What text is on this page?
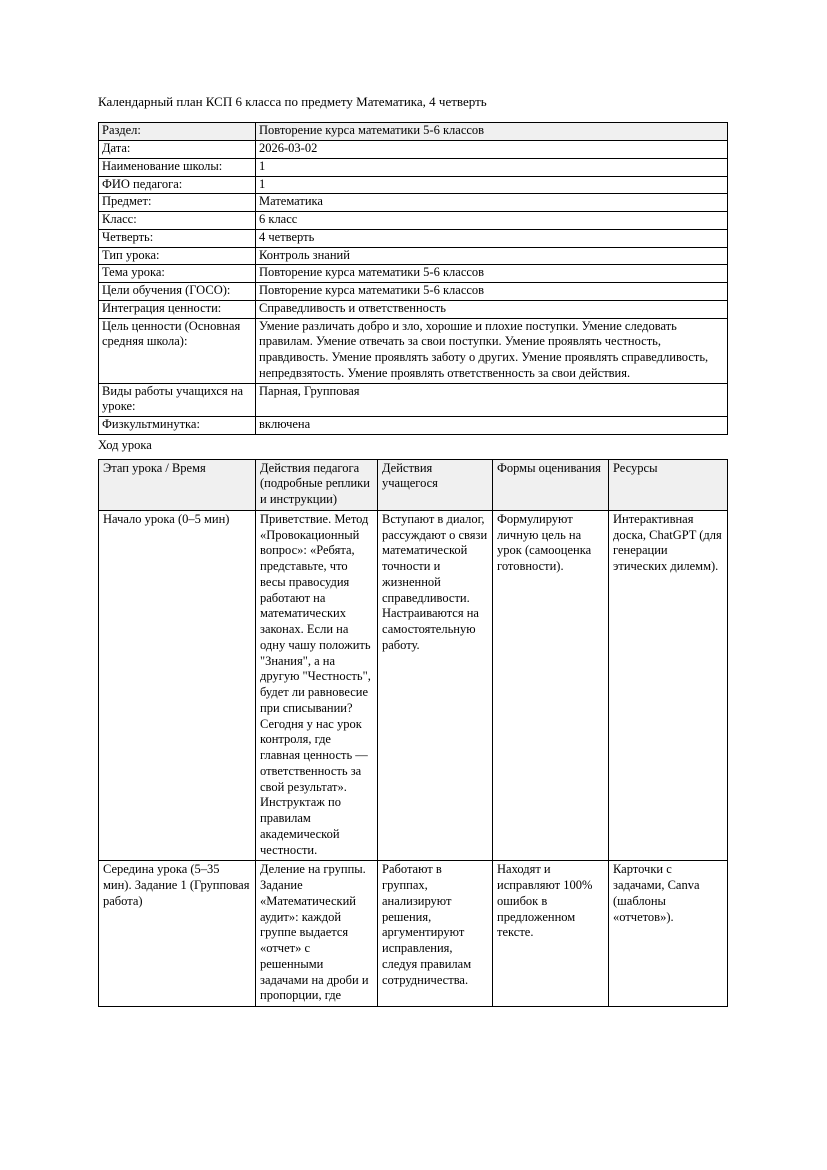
Календарный план КСП 6 класса по предмету Математика, 4 четверть

Раздел:	Повторение курса математики 5-6 классов
Дата:	2026-03-02
Наименование школы:	1
ФИО педагога:	1
Предмет:	Математика
Класс:	6 класс
Четверть:	4 четверть
Тип урока:	Контроль знаний
Тема урока:	Повторение курса математики 5-6 классов
Цели обучения (ГОСО):	Повторение курса математики 5-6 классов
Интеграция ценности:	Справедливость и ответственность
Цель ценности (Основная средняя школа):	Умение различать добро и зло, хорошие и плохие поступки. Умение следовать правилам. Умение отвечать за свои поступки. Умение проявлять честность, правдивость. Умение проявлять заботу о других. Умение проявлять справедливость, непредвзятость. Умение проявлять ответственность за свои действия.
Виды работы учащихся на уроке:	Парная, Групповая
Физкультминутка:	включена

Ход урока

Этап урока / Время	Действия педагога (подробные реплики и инструкции)	Действия учащегося	Формы оценивания	Ресурсы
Начало урока (0–5 мин)	Приветствие. Метод «Провокационный вопрос»: «Ребята, представьте, что весы правосудия работают на математических законах. Если на одну чашу положить "Знания", а на другую "Честность", будет ли равновесие при списывании? Сегодня у нас урок контроля, где главная ценность — ответственность за свой результат». Инструктаж по правилам академической честности.	Вступают в диалог, рассуждают о связи математической точности и жизненной справедливости. Настраиваются на самостоятельную работу.	Формулируют личную цель на урок (самооценка готовности).	Интерактивная доска, ChatGPT (для генерации этических дилемм).
Середина урока (5–35 мин). Задание 1 (Групповая работа)	Деление на группы. Задание «Математический аудит»: каждой группе выдается «отчет» с решенными задачами на дроби и пропорции, где	Работают в группах, анализируют решения, аргументируют исправления, следуя правилам сотрудничества.	Находят и исправляют 100% ошибок в предложенном тексте.	Карточки с задачами, Canva (шаблоны «отчетов»).
